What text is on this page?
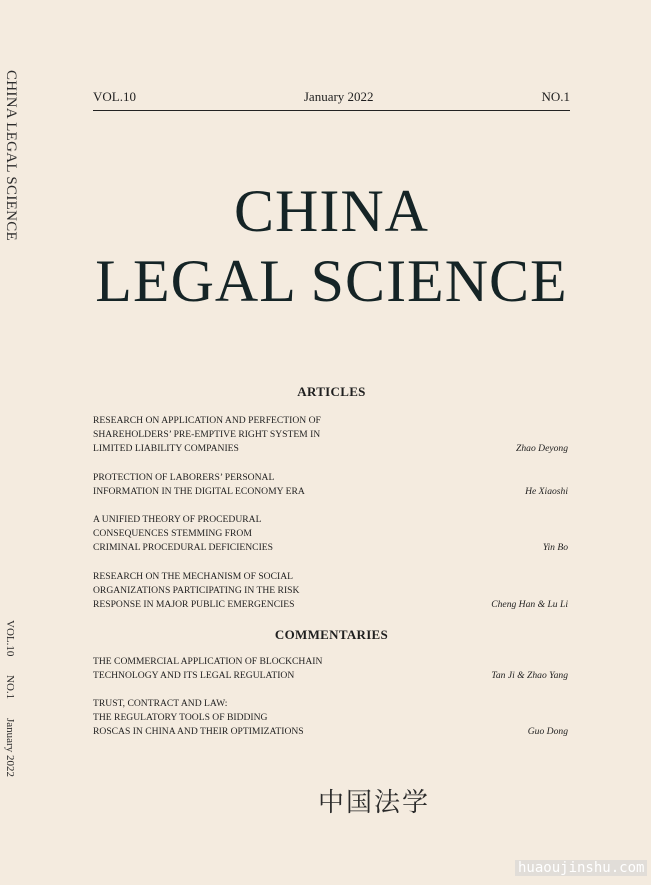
CHINA LEGAL SCIENCE
VOL.10 NO.1 January 2022
VOL.10	January 2022	NO.1
CHINA
LEGAL SCIENCE
ARTICLES
RESEARCH ON APPLICATION AND PERFECTION OF
SHAREHOLDERS’ PRE-EMPTIVE RIGHT SYSTEM IN
LIMITED LIABILITY COMPANIES	Zhao Deyong
PROTECTION OF LABORERS’ PERSONAL
INFORMATION IN THE DIGITAL ECONOMY ERA	He Xiaoshi
A UNIFIED THEORY OF PROCEDURAL
CONSEQUENCES STEMMING FROM
CRIMINAL PROCEDURAL DEFICIENCIES	Yin Bo
RESEARCH ON THE MECHANISM OF SOCIAL
ORGANIZATIONS PARTICIPATING IN THE RISK
RESPONSE IN MAJOR PUBLIC EMERGENCIES	Cheng Han & Lu Li
COMMENTARIES
THE COMMERCIAL APPLICATION OF BLOCKCHAIN
TECHNOLOGY AND ITS LEGAL REGULATION	Tan Ji & Zhao Yang
TRUST, CONTRACT AND LAW:
THE REGULATORY TOOLS OF BIDDING
ROSCAS IN CHINA AND THEIR OPTIMIZATIONS	Guo Dong
中国法学
huaoujinshu.com
